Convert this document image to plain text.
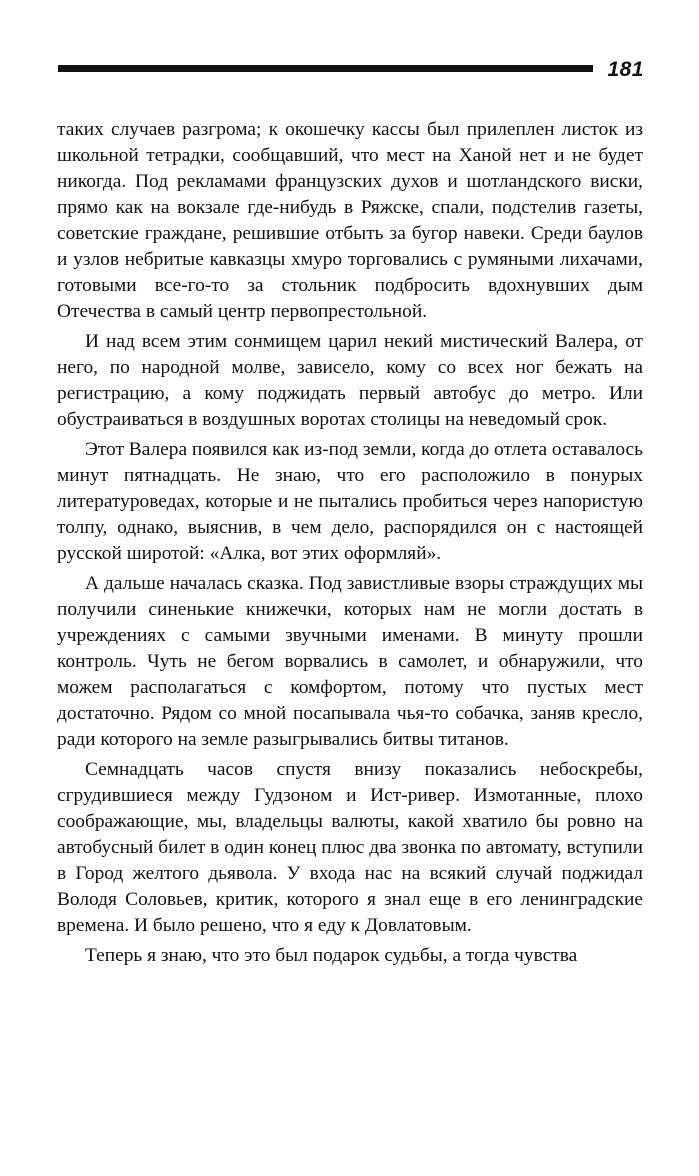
181

таких случаев разгрома; к окошечку кассы был прилеплен листок из школьной тетрадки, сообщавший, что мест на Ханой нет и не будет никогда. Под рекламами французских духов и шотландского виски, прямо как на вокзале где-нибудь в Ряжске, спали, подстелив газеты, советские граждане, решившие отбыть за бугор навеки. Среди баулов и узлов небритые кавказцы хмуро торговались с румяными лихачами, готовыми все-го-то за стольник подбросить вдохнувших дым Отечества в самый центр первопрестольной.

И над всем этим сонмищем царил некий мистический Валера, от него, по народной молве, зависело, кому со всех ног бежать на регистрацию, а кому поджидать первый автобус до метро. Или обустраиваться в воздушных воротах столицы на неведомый срок.

Этот Валера появился как из-под земли, когда до отлета оставалось минут пятнадцать. Не знаю, что его расположило в понурых литературоведах, которые и не пытались пробиться через напористую толпу, однако, выяснив, в чем дело, распорядился он с настоящей русской широтой: «Алка, вот этих оформляй».

А дальше началась сказка. Под завистливые взоры страждущих мы получили синенькие книжечки, которых нам не могли достать в учреждениях с самыми звучными именами. В минуту прошли контроль. Чуть не бегом ворвались в самолет, и обнаружили, что можем располагаться с комфортом, потому что пустых мест достаточно. Рядом со мной посапывала чья-то собачка, заняв кресло, ради которого на земле разыгрывались битвы титанов.

Семнадцать часов спустя внизу показались небоскребы, сгрудившиеся между Гудзоном и Ист-ривер. Измотанные, плохо соображающие, мы, владельцы валюты, какой хватило бы ровно на автобусный билет в один конец плюс два звонка по автомату, вступили в Город желтого дьявола. У входа нас на всякий случай поджидал Володя Соловьев, критик, которого я знал еще в его ленинградские времена. И было решено, что я еду к Довлатовым.

Теперь я знаю, что это был подарок судьбы, а тогда чувства
